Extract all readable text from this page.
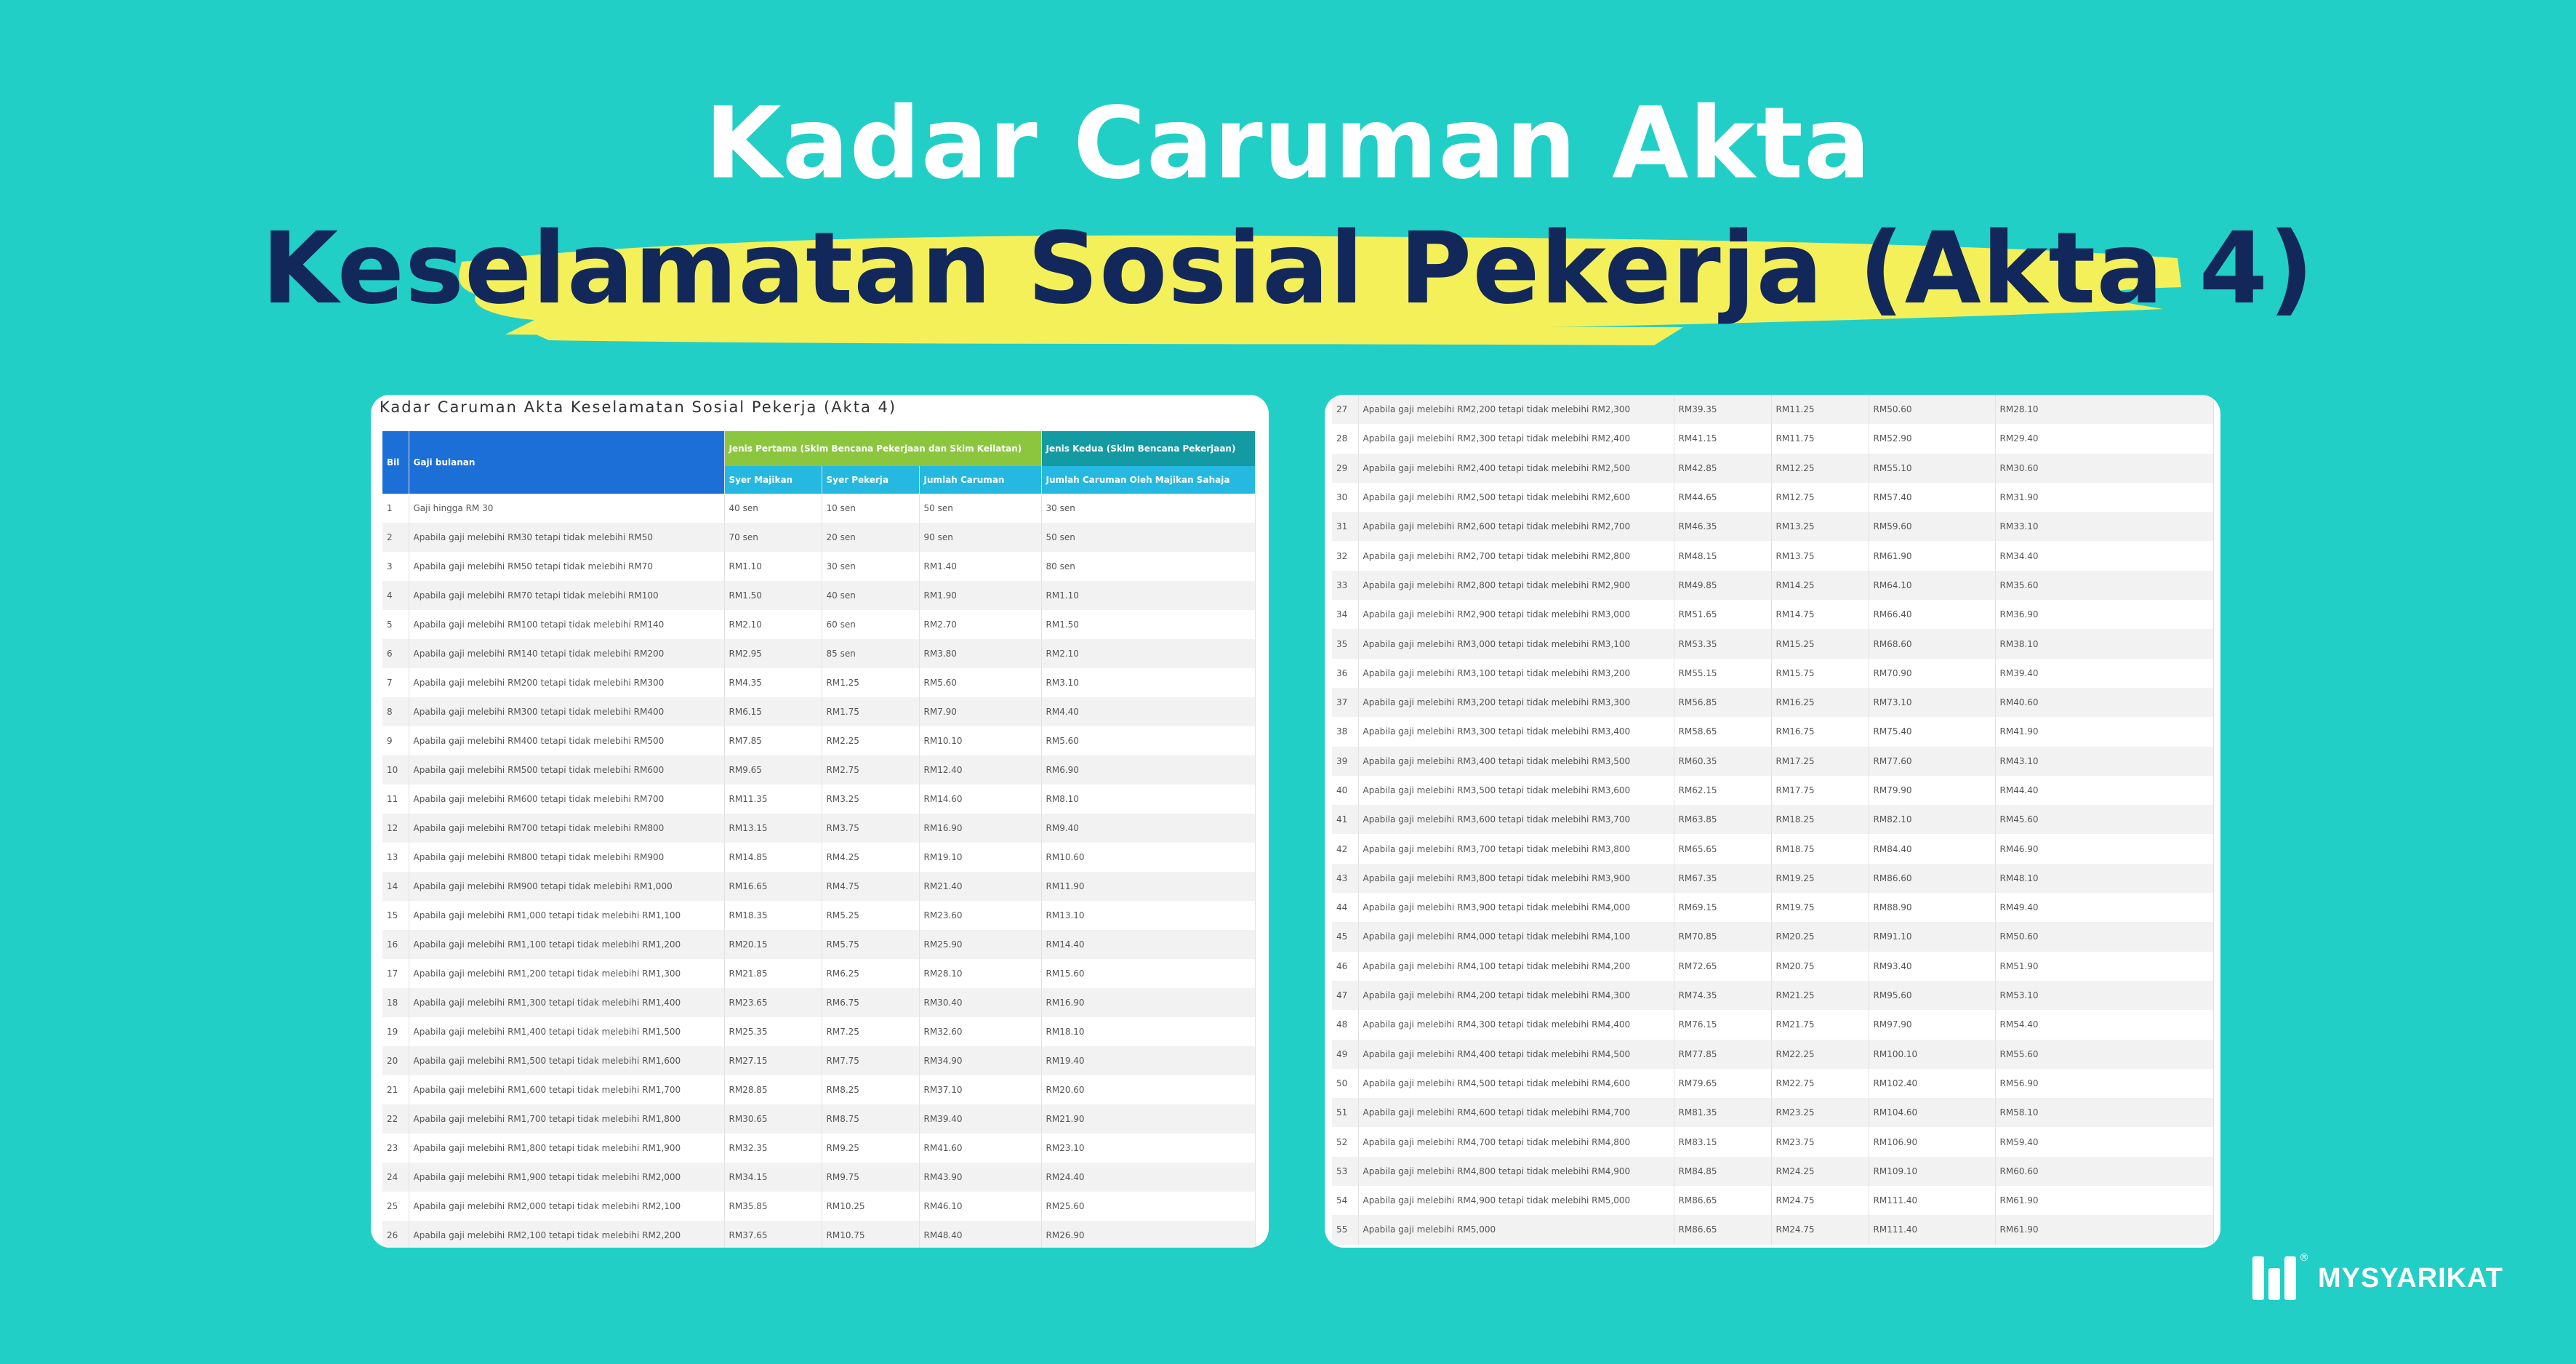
Kadar Caruman Akta
Keselamatan Sosial Pekerja (Akta 4)
Kadar Caruman Akta Keselamatan Sosial Pekerja (Akta 4)
Bil	Gaji bulanan	Jenis Pertama (Skim Bencana Pekerjaan dan Skim Keilatan)			Jenis Kedua (Skim Bencana Pekerjaan)
		Syer Majikan	Syer Pekerja	Jumlah Caruman	Jumlah Caruman Oleh Majikan Sahaja
1	Gaji hingga RM 30	40 sen	10 sen	50 sen	30 sen
2	Apabila gaji melebihi RM30 tetapi tidak melebihi RM50	70 sen	20 sen	90 sen	50 sen
3	Apabila gaji melebihi RM50 tetapi tidak melebihi RM70	RM1.10	30 sen	RM1.40	80 sen
4	Apabila gaji melebihi RM70 tetapi tidak melebihi RM100	RM1.50	40 sen	RM1.90	RM1.10
5	Apabila gaji melebihi RM100 tetapi tidak melebihi RM140	RM2.10	60 sen	RM2.70	RM1.50
6	Apabila gaji melebihi RM140 tetapi tidak melebihi RM200	RM2.95	85 sen	RM3.80	RM2.10
7	Apabila gaji melebihi RM200 tetapi tidak melebihi RM300	RM4.35	RM1.25	RM5.60	RM3.10
8	Apabila gaji melebihi RM300 tetapi tidak melebihi RM400	RM6.15	RM1.75	RM7.90	RM4.40
9	Apabila gaji melebihi RM400 tetapi tidak melebihi RM500	RM7.85	RM2.25	RM10.10	RM5.60
10	Apabila gaji melebihi RM500 tetapi tidak melebihi RM600	RM9.65	RM2.75	RM12.40	RM6.90
11	Apabila gaji melebihi RM600 tetapi tidak melebihi RM700	RM11.35	RM3.25	RM14.60	RM8.10
12	Apabila gaji melebihi RM700 tetapi tidak melebihi RM800	RM13.15	RM3.75	RM16.90	RM9.40
13	Apabila gaji melebihi RM800 tetapi tidak melebihi RM900	RM14.85	RM4.25	RM19.10	RM10.60
14	Apabila gaji melebihi RM900 tetapi tidak melebihi RM1,000	RM16.65	RM4.75	RM21.40	RM11.90
15	Apabila gaji melebihi RM1,000 tetapi tidak melebihi RM1,100	RM18.35	RM5.25	RM23.60	RM13.10
16	Apabila gaji melebihi RM1,100 tetapi tidak melebihi RM1,200	RM20.15	RM5.75	RM25.90	RM14.40
17	Apabila gaji melebihi RM1,200 tetapi tidak melebihi RM1,300	RM21.85	RM6.25	RM28.10	RM15.60
18	Apabila gaji melebihi RM1,300 tetapi tidak melebihi RM1,400	RM23.65	RM6.75	RM30.40	RM16.90
19	Apabila gaji melebihi RM1,400 tetapi tidak melebihi RM1,500	RM25.35	RM7.25	RM32.60	RM18.10
20	Apabila gaji melebihi RM1,500 tetapi tidak melebihi RM1,600	RM27.15	RM7.75	RM34.90	RM19.40
21	Apabila gaji melebihi RM1,600 tetapi tidak melebihi RM1,700	RM28.85	RM8.25	RM37.10	RM20.60
22	Apabila gaji melebihi RM1,700 tetapi tidak melebihi RM1,800	RM30.65	RM8.75	RM39.40	RM21.90
23	Apabila gaji melebihi RM1,800 tetapi tidak melebihi RM1,900	RM32.35	RM9.25	RM41.60	RM23.10
24	Apabila gaji melebihi RM1,900 tetapi tidak melebihi RM2,000	RM34.15	RM9.75	RM43.90	RM24.40
25	Apabila gaji melebihi RM2,000 tetapi tidak melebihi RM2,100	RM35.85	RM10.25	RM46.10	RM25.60
26	Apabila gaji melebihi RM2,100 tetapi tidak melebihi RM2,200	RM37.65	RM10.75	RM48.40	RM26.90
27	Apabila gaji melebihi RM2,200 tetapi tidak melebihi RM2,300	RM39.35	RM11.25	RM50.60	RM28.10
28	Apabila gaji melebihi RM2,300 tetapi tidak melebihi RM2,400	RM41.15	RM11.75	RM52.90	RM29.40
29	Apabila gaji melebihi RM2,400 tetapi tidak melebihi RM2,500	RM42.85	RM12.25	RM55.10	RM30.60
30	Apabila gaji melebihi RM2,500 tetapi tidak melebihi RM2,600	RM44.65	RM12.75	RM57.40	RM31.90
31	Apabila gaji melebihi RM2,600 tetapi tidak melebihi RM2,700	RM46.35	RM13.25	RM59.60	RM33.10
32	Apabila gaji melebihi RM2,700 tetapi tidak melebihi RM2,800	RM48.15	RM13.75	RM61.90	RM34.40
33	Apabila gaji melebihi RM2,800 tetapi tidak melebihi RM2,900	RM49.85	RM14.25	RM64.10	RM35.60
34	Apabila gaji melebihi RM2,900 tetapi tidak melebihi RM3,000	RM51.65	RM14.75	RM66.40	RM36.90
35	Apabila gaji melebihi RM3,000 tetapi tidak melebihi RM3,100	RM53.35	RM15.25	RM68.60	RM38.10
36	Apabila gaji melebihi RM3,100 tetapi tidak melebihi RM3,200	RM55.15	RM15.75	RM70.90	RM39.40
37	Apabila gaji melebihi RM3,200 tetapi tidak melebihi RM3,300	RM56.85	RM16.25	RM73.10	RM40.60
38	Apabila gaji melebihi RM3,300 tetapi tidak melebihi RM3,400	RM58.65	RM16.75	RM75.40	RM41.90
39	Apabila gaji melebihi RM3,400 tetapi tidak melebihi RM3,500	RM60.35	RM17.25	RM77.60	RM43.10
40	Apabila gaji melebihi RM3,500 tetapi tidak melebihi RM3,600	RM62.15	RM17.75	RM79.90	RM44.40
41	Apabila gaji melebihi RM3,600 tetapi tidak melebihi RM3,700	RM63.85	RM18.25	RM82.10	RM45.60
42	Apabila gaji melebihi RM3,700 tetapi tidak melebihi RM3,800	RM65.65	RM18.75	RM84.40	RM46.90
43	Apabila gaji melebihi RM3,800 tetapi tidak melebihi RM3,900	RM67.35	RM19.25	RM86.60	RM48.10
44	Apabila gaji melebihi RM3,900 tetapi tidak melebihi RM4,000	RM69.15	RM19.75	RM88.90	RM49.40
45	Apabila gaji melebihi RM4,000 tetapi tidak melebihi RM4,100	RM70.85	RM20.25	RM91.10	RM50.60
46	Apabila gaji melebihi RM4,100 tetapi tidak melebihi RM4,200	RM72.65	RM20.75	RM93.40	RM51.90
47	Apabila gaji melebihi RM4,200 tetapi tidak melebihi RM4,300	RM74.35	RM21.25	RM95.60	RM53.10
48	Apabila gaji melebihi RM4,300 tetapi tidak melebihi RM4,400	RM76.15	RM21.75	RM97.90	RM54.40
49	Apabila gaji melebihi RM4,400 tetapi tidak melebihi RM4,500	RM77.85	RM22.25	RM100.10	RM55.60
50	Apabila gaji melebihi RM4,500 tetapi tidak melebihi RM4,600	RM79.65	RM22.75	RM102.40	RM56.90
51	Apabila gaji melebihi RM4,600 tetapi tidak melebihi RM4,700	RM81.35	RM23.25	RM104.60	RM58.10
52	Apabila gaji melebihi RM4,700 tetapi tidak melebihi RM4,800	RM83.15	RM23.75	RM106.90	RM59.40
53	Apabila gaji melebihi RM4,800 tetapi tidak melebihi RM4,900	RM84.85	RM24.25	RM109.10	RM60.60
54	Apabila gaji melebihi RM4,900 tetapi tidak melebihi RM5,000	RM86.65	RM24.75	RM111.40	RM61.90
55	Apabila gaji melebihi RM5,000	RM86.65	RM24.75	RM111.40	RM61.90
®
MYSYARIKAT
